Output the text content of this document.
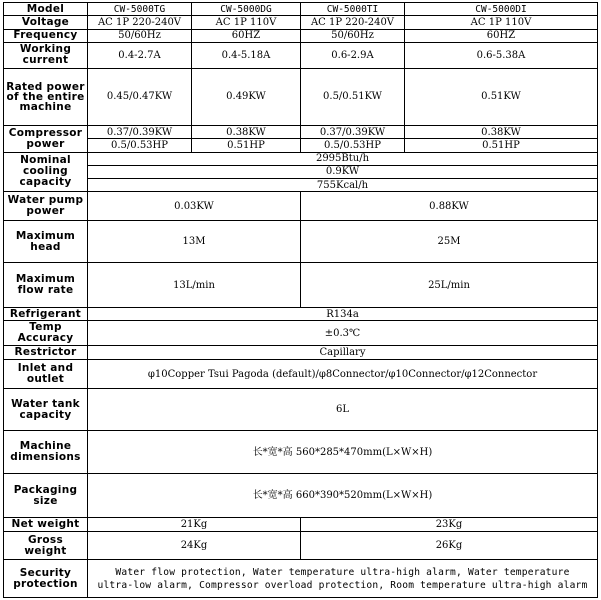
Model	CW-5000TG	CW-5000DG	CW-5000TI	CW-5000DI
Voltage	AC 1P 220-240V	AC 1P 110V	AC 1P 220-240V	AC 1P 110V
Frequency	50/60Hz	60HZ	50/60Hz	60HZ
Working current	0.4-2.7A	0.4-5.18A	0.6-2.9A	0.6-5.38A
Rated power of the entire machine	0.45/0.47KW	0.49KW	0.5/0.51KW	0.51KW
Compressor power	0.37/0.39KW	0.38KW	0.37/0.39KW	0.38KW
	0.5/0.53HP	0.51HP	0.5/0.53HP	0.51HP
Nominal cooling capacity	2995Btu/h			
	0.9KW			
	755Kcal/h			
Water pump power	0.03KW		0.88KW	
Maximum head	13M		25M	
Maximum flow rate	13L/min		25L/min	
Refrigerant	R134a			
Temp Accuracy	±0.3℃			
Restrictor	Capillary			
Inlet and outlet	φ10Copper Tsui Pagoda (default)/φ8Connector/φ10Connector/φ12Connector			
Water tank capacity	6L			
Machine dimensions	长*宽*高 560*285*470mm(L×W×H)			
Packaging size	长*宽*高 660*390*520mm(L×W×H)			
Net weight	21Kg		23Kg	
Gross weight	24Kg		26Kg	
Security protection	Water flow protection, Water temperature ultra-high alarm, Water temperature
ultra-low alarm, Compressor overload protection, Room temperature ultra-high alarm			
